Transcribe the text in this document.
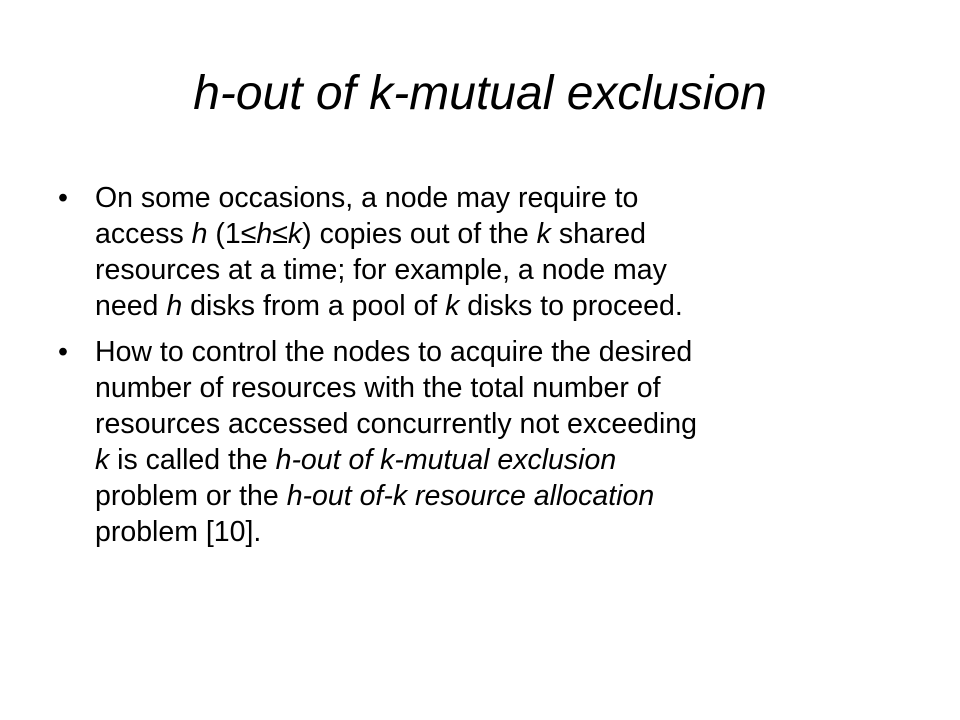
h-out of k-mutual exclusion
• On some occasions, a node may require to
access h (1≤h≤k) copies out of the k shared
resources at a time; for example, a node may
need h disks from a pool of k disks to proceed.
• How to control the nodes to acquire the desired
number of resources with the total number of
resources accessed concurrently not exceeding
k is called the h-out of k-mutual exclusion
problem or the h-out of-k resource allocation
problem [10].
